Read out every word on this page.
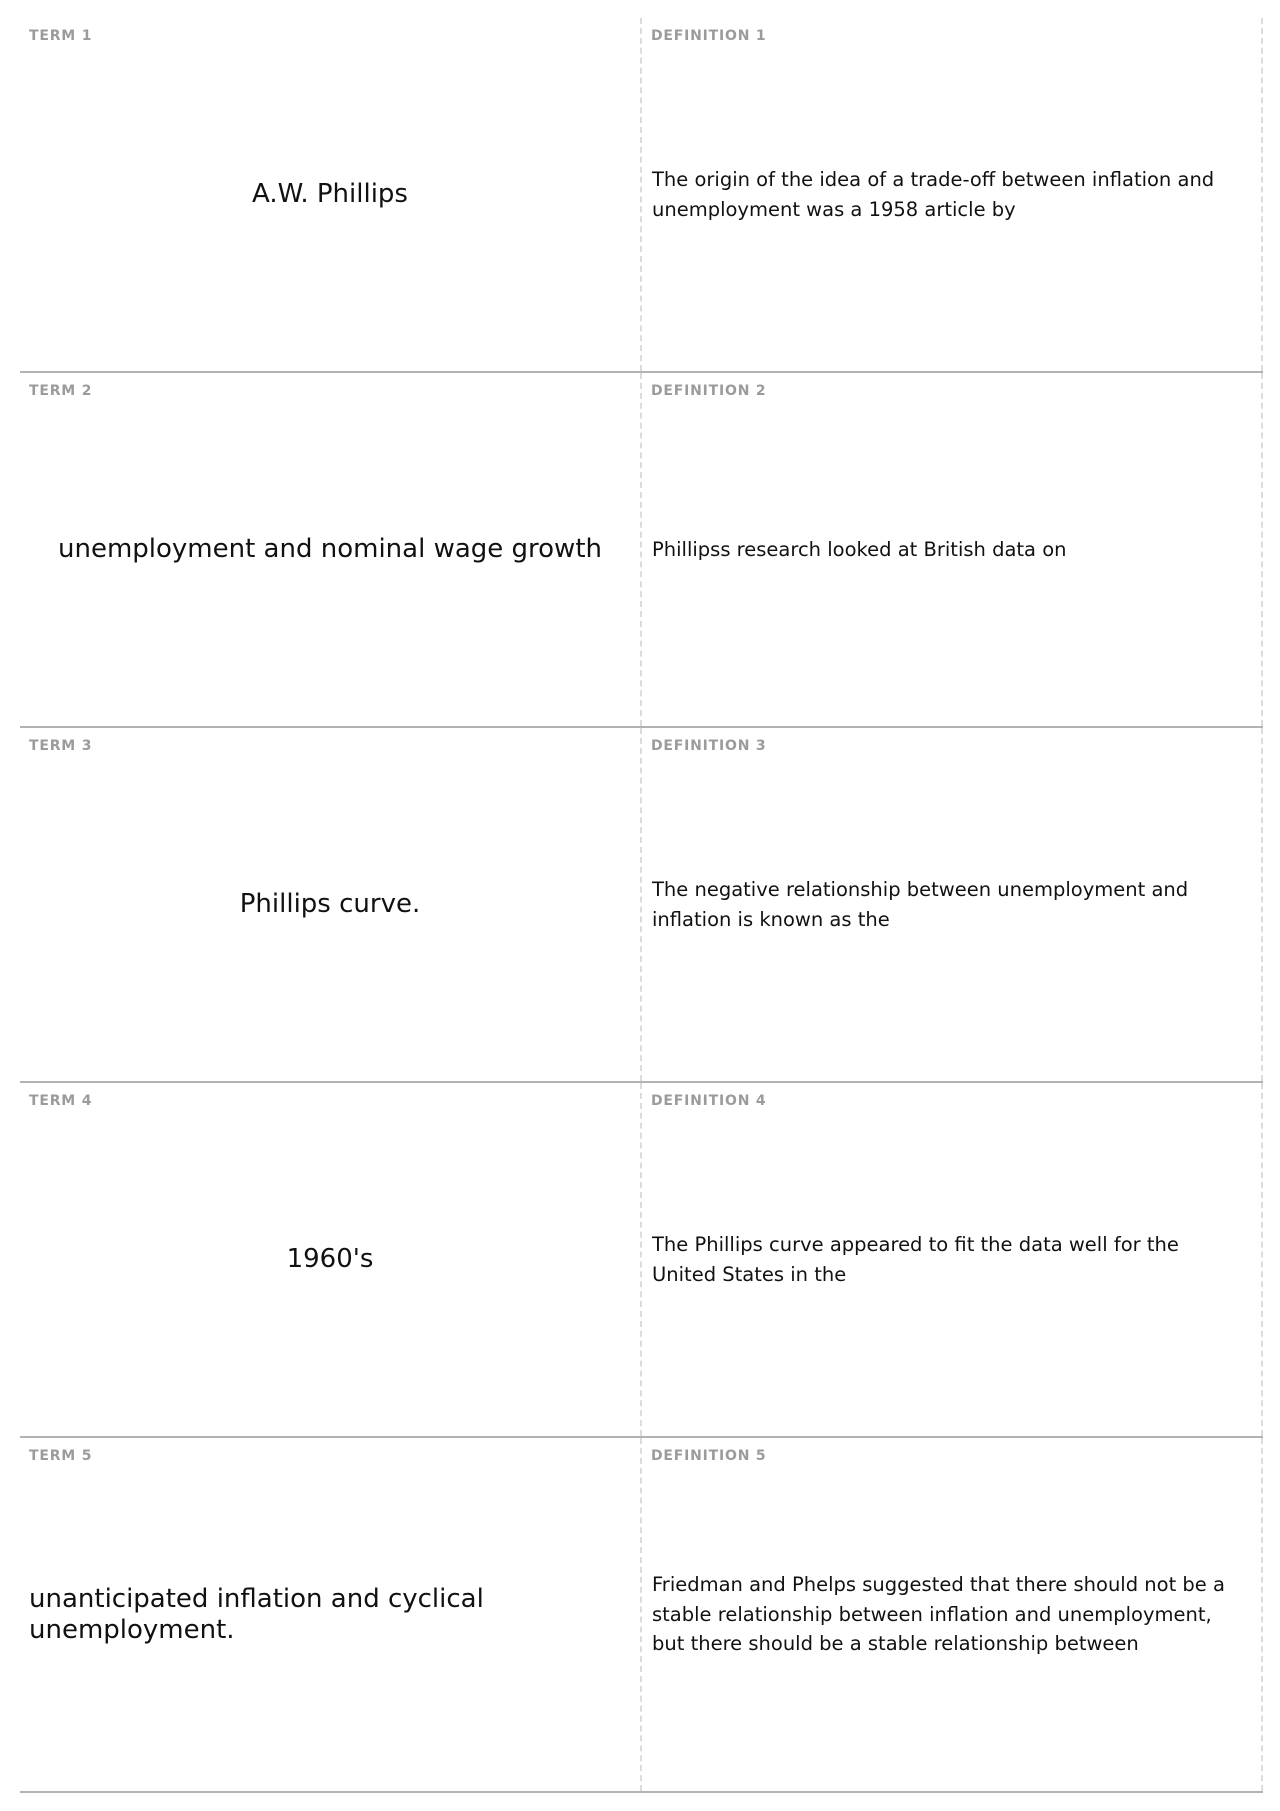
TERM 1
A.W. Phillips
DEFINITION 1
The origin of the idea of a trade-off between inflation and unemployment was a 1958 article by
TERM 2
unemployment and nominal wage growth
DEFINITION 2
Phillipss research looked at British data on
TERM 3
Phillips curve.
DEFINITION 3
The negative relationship between unemployment and inflation is known as the
TERM 4
1960's
DEFINITION 4
The Phillips curve appeared to fit the data well for the United States in the
TERM 5
unanticipated inflation and cyclical unemployment.
DEFINITION 5
Friedman and Phelps suggested that there should not be a stable relationship between inflation and unemployment, but there should be a stable relationship between
